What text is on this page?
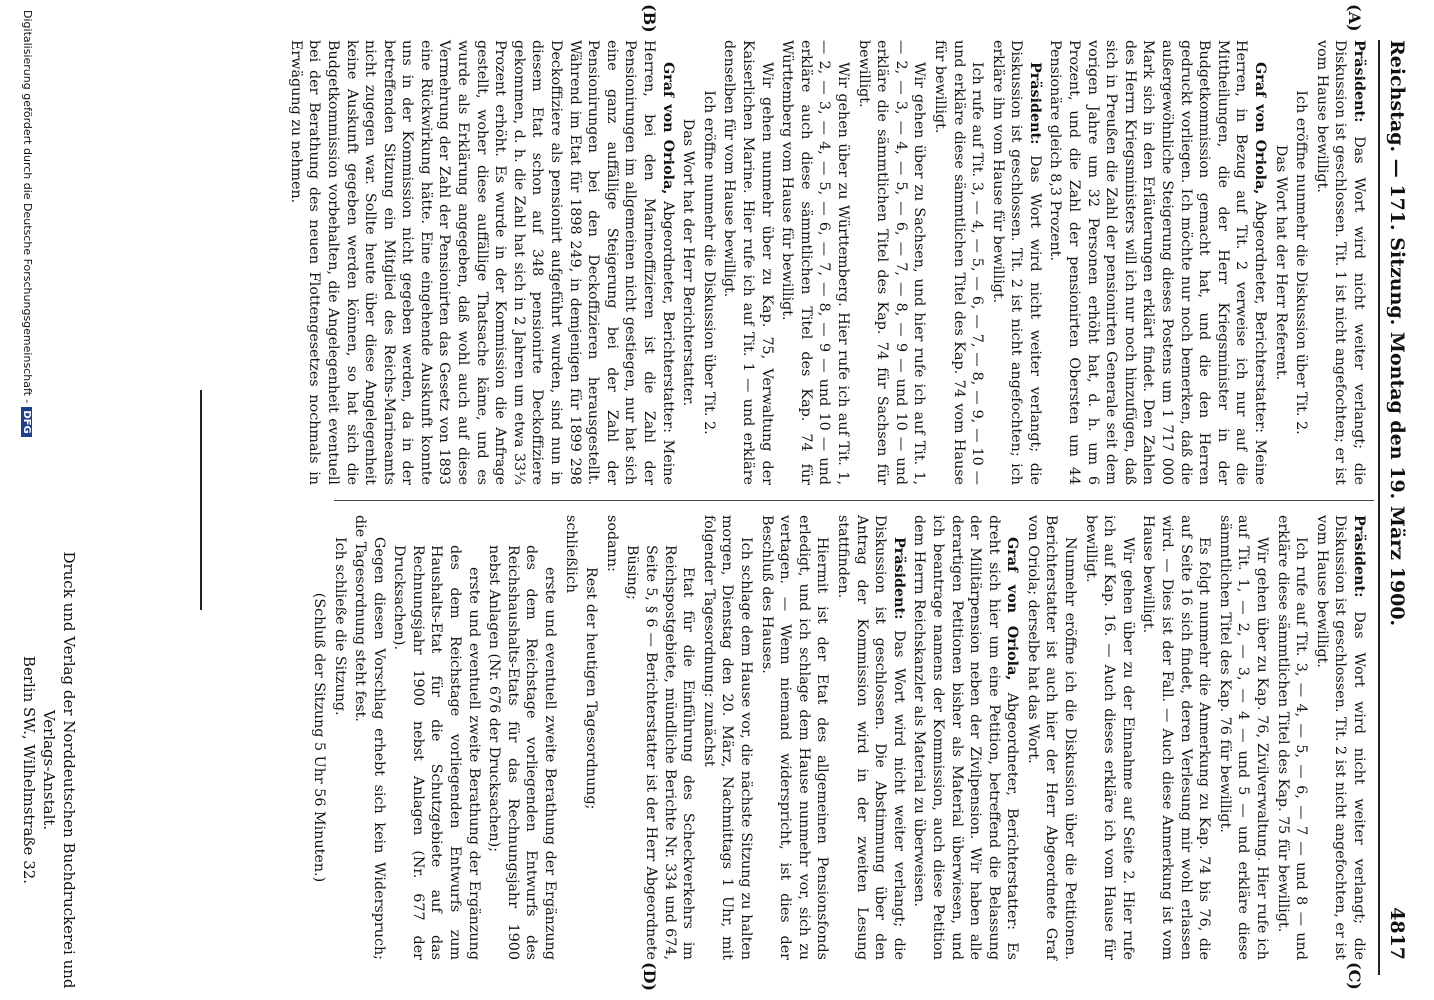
Reichstag. — 171. Sitzung. Montag den 19. März 1900.
4817
(A)
(B)
(C)
(D)

Präsident: Das Wort wird nicht weiter verlangt; die Diskussion ist geschlossen. Tit. 1 ist nicht angefochten; er ist vom Hause bewilligt.

Ich eröffne nunmehr die Diskussion über Tit. 2.

Das Wort hat der Herr Referent.

Graf von Oriola, Abgeordneter, Berichterstatter: Meine Herren, in Bezug auf Tit. 2 verweise ich nur auf die Mittheilungen, die der Herr Kriegsminister in der Budgetkommission gemacht hat, und die den Herren gedruckt vorliegen. Ich möchte nur noch bemerken, daß die außergewöhnliche Steigerung dieses Postens um 1 717 000 Mark sich in den Erläuterungen erklärt findet. Den Zahlen des Herrn Kriegsministers will ich nur noch hinzufügen, daß sich in Preußen die Zahl der pensionirten Generale seit dem vorigen Jahre um 32 Personen erhöht hat, d. h. um 6 Prozent, und die Zahl der pensionirten Obersten um 44 Pensionäre gleich 8,3 Prozent.

Präsident: Das Wort wird nicht weiter verlangt; die Diskussion ist geschlossen. Tit. 2 ist nicht angefochten; ich erkläre ihn vom Hause für bewilligt.

Ich rufe auf Tit. 3, — 4, — 5, — 6, — 7, — 8, — 9, — 10 — und erkläre diese sämmtlichen Titel des Kap. 74 vom Hause für bewilligt.

Wir gehen über zu Sachsen, und hier rufe ich auf Tit. 1, — 2, — 3, — 4, — 5, — 6, — 7, — 8, — 9 — und 10 — und erkläre die sämmtlichen Titel des Kap. 74 für Sachsen für bewilligt.

Wir gehen über zu Württemberg. Hier rufe ich auf Tit. 1, — 2, — 3, — 4, — 5, — 6, — 7, — 8, — 9 — und 10 — und erkläre auch diese sämmtlichen Titel des Kap. 74 für Württemberg vom Hause für bewilligt.

Wir gehen nunmehr über zu Kap. 75, Verwaltung der Kaiserlichen Marine. Hier rufe ich auf Tit. 1 — und erkläre denselben für vom Hause bewilligt.

Ich eröffne nunmehr die Diskussion über Tit. 2.

Das Wort hat der Herr Berichterstatter.

Graf von Oriola, Abgeordneter, Berichterstatter: Meine Herren, bei den Marineoffizieren ist die Zahl der Pensionirungen im allgemeinen nicht gestiegen, nur hat sich eine ganz auffällige Steigerung bei der Zahl der Pensionirungen bei den Deckoffizieren herausgestellt. Während im Etat für 1898 249, in demjenigen für 1899 298 Deckoffiziere als pensionirt aufgeführt wurden, sind nun in diesem Etat schon auf 348 pensionirte Deckoffiziere gekommen, d. h. die Zahl hat sich in 2 Jahren um etwa 33⅓ Prozent erhöht. Es wurde in der Kommission die Anfrage gestellt, woher diese auffällige Thatsache käme, und es wurde als Erklärung angegeben, daß wohl auch auf diese Vermehrung der Zahl der Pensionirten das Gesetz von 1893 eine Rückwirkung hätte. Eine eingehende Auskunft konnte uns in der Kommission nicht gegeben werden, da in der betreffenden Sitzung ein Mitglied des Reichs-Marineamts nicht zugegen war. Sollte heute über diese Angelegenheit keine Auskunft gegeben werden können, so hat sich die Budgetkommission vorbehalten, die Angelegenheit eventuell bei der Berathung des neuen Flottengesetzes nochmals in Erwägung zu nehmen.

Präsident: Das Wort wird nicht weiter verlangt; die Diskussion ist geschlossen. Tit. 2 ist nicht angefochten, er ist vom Hause bewilligt.

Ich rufe auf Tit. 3, — 4, — 5, — 6, — 7 — und 8 — und erkläre diese sämmtlichen Titel des Kap. 75 für bewilligt.

Wir gehen über zu Kap. 76, Zivilverwaltung. Hier rufe ich auf Tit. 1, — 2, — 3, — 4 — und 5 — und erkläre diese sämmtlichen Titel des Kap. 76 für bewilligt.

Es folgt nunmehr die Anmerkung zu Kap. 74 bis 76, die auf Seite 16 sich findet, deren Verlesung mir wohl erlassen wird. — Dies ist der Fall. — Auch diese Anmerkung ist vom Hause bewilligt.

Wir gehen über zu der Einnahme auf Seite 2. Hier rufe ich auf Kap. 16. — Auch dieses erkläre ich vom Hause für bewilligt.

Nunmehr eröffne ich die Diskussion über die Petitionen. Berichterstatter ist auch hier der Herr Abgeordnete Graf von Oriola; derselbe hat das Wort.

Graf von Oriola, Abgeordneter, Berichterstatter: Es dreht sich hier um eine Petition, betreffend die Belassung der Militärpension neben der Zivilpension. Wir haben alle derartigen Petitionen bisher als Material überwiesen, und ich beantrage namens der Kommission, auch diese Petition dem Herrn Reichskanzler als Material zu überweisen.

Präsident: Das Wort wird nicht weiter verlangt; die Diskussion ist geschlossen. Die Abstimmung über den Antrag der Kommission wird in der zweiten Lesung stattfinden.

Hiermit ist der Etat des allgemeinen Pensionsfonds erledigt, und ich schlage dem Hause nunmehr vor, sich zu vertagen. — Wenn niemand widerspricht, ist dies der Beschluß des Hauses.

Ich schlage dem Hause vor, die nächste Sitzung zu halten morgen, Dienstag den 20. März, Nachmittags 1 Uhr, mit folgender Tagesordnung: zunächst

Etat für die Einführung des Scheckverkehrs im Reichspostgebiete, mündliche Berichte Nr. 334 und 674, Seite 5, § 6 — Berichterstatter ist der Herr Abgeordnete Büsing;

sodann:

Rest der heutigen Tagesordnung;

schließlich

erste und eventuell zweite Berathung der Ergänzung des dem Reichstage vorliegenden Entwurfs des Reichshaushalts-Etats für das Rechnungsjahr 1900 nebst Anlagen (Nr. 676 der Drucksachen);

erste und eventuell zweite Berathung der Ergänzung des dem Reichstage vorliegenden Entwurfs zum Haushalts-Etat für die Schutzgebiete auf das Rechnungsjahr 1900 nebst Anlagen (Nr. 677 der Drucksachen).

Gegen diesen Vorschlag erhebt sich kein Widerspruch; die Tagesordnung steht fest.

Ich schließe die Sitzung.

(Schluß der Sitzung 5 Uhr 56 Minuten.)

Druck und Verlag der Norddeutschen Buchdruckerei und Verlags-Anstalt.
Berlin SW., Wilhelmstraße 32.
Digitalisierung gefördert durch die Deutsche Forschungsgemeinschaft -DFG
